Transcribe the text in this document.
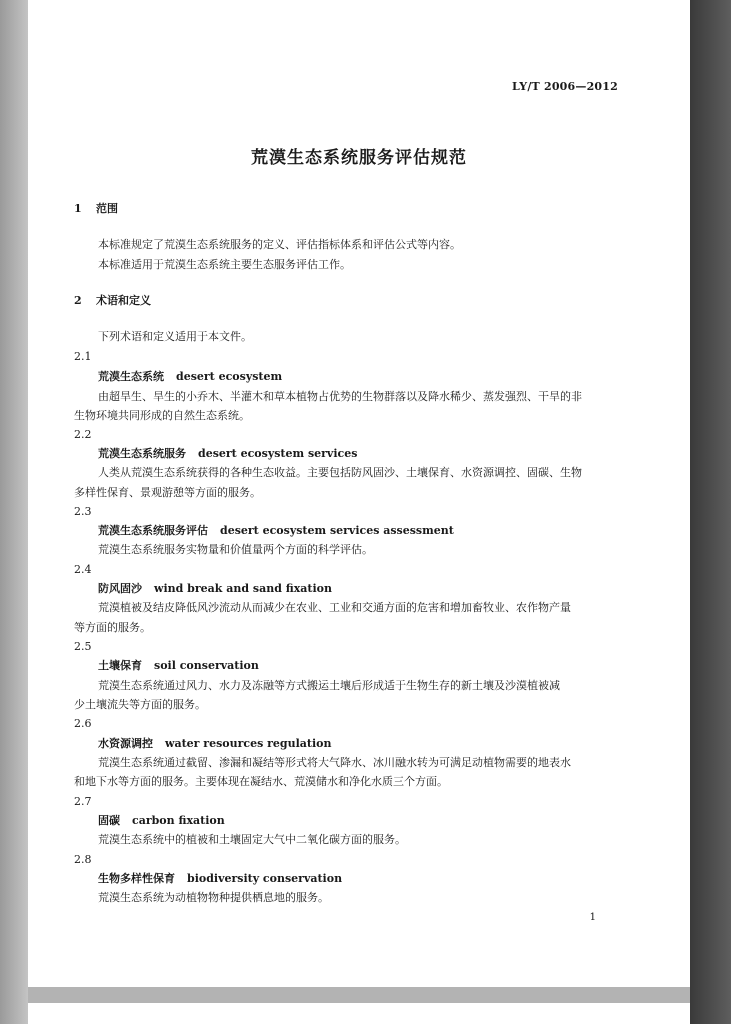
LY/T 2006—2012
荒漠生态系统服务评估规范
1 范围
本标准规定了荒漠生态系统服务的定义、评估指标体系和评估公式等内容。
本标准适用于荒漠生态系统主要生态服务评估工作。
2 术语和定义
下列术语和定义适用于本文件。
2.1
荒漠生态系统 desert ecosystem
由超旱生、旱生的小乔木、半灌木和草本植物占优势的生物群落以及降水稀少、蒸发强烈、干旱的非
生物环境共同形成的自然生态系统。
2.2
荒漠生态系统服务 desert ecosystem services
人类从荒漠生态系统获得的各种生态收益。主要包括防风固沙、土壤保育、水资源调控、固碳、生物
多样性保育、景观游憩等方面的服务。
2.3
荒漠生态系统服务评估 desert ecosystem services assessment
荒漠生态系统服务实物量和价值量两个方面的科学评估。
2.4
防风固沙 wind break and sand fixation
荒漠植被及结皮降低风沙流动从而减少在农业、工业和交通方面的危害和增加畜牧业、农作物产量
等方面的服务。
2.5
土壤保育 soil conservation
荒漠生态系统通过风力、水力及冻融等方式搬运土壤后形成适于生物生存的新土壤及沙漠植被减
少土壤流失等方面的服务。
2.6
水资源调控 water resources regulation
荒漠生态系统通过截留、渗漏和凝结等形式将大气降水、冰川融水转为可满足动植物需要的地表水
和地下水等方面的服务。主要体现在凝结水、荒漠储水和净化水质三个方面。
2.7
固碳 carbon fixation
荒漠生态系统中的植被和土壤固定大气中二氧化碳方面的服务。
2.8
生物多样性保育 biodiversity conservation
荒漠生态系统为动植物物种提供栖息地的服务。
1
